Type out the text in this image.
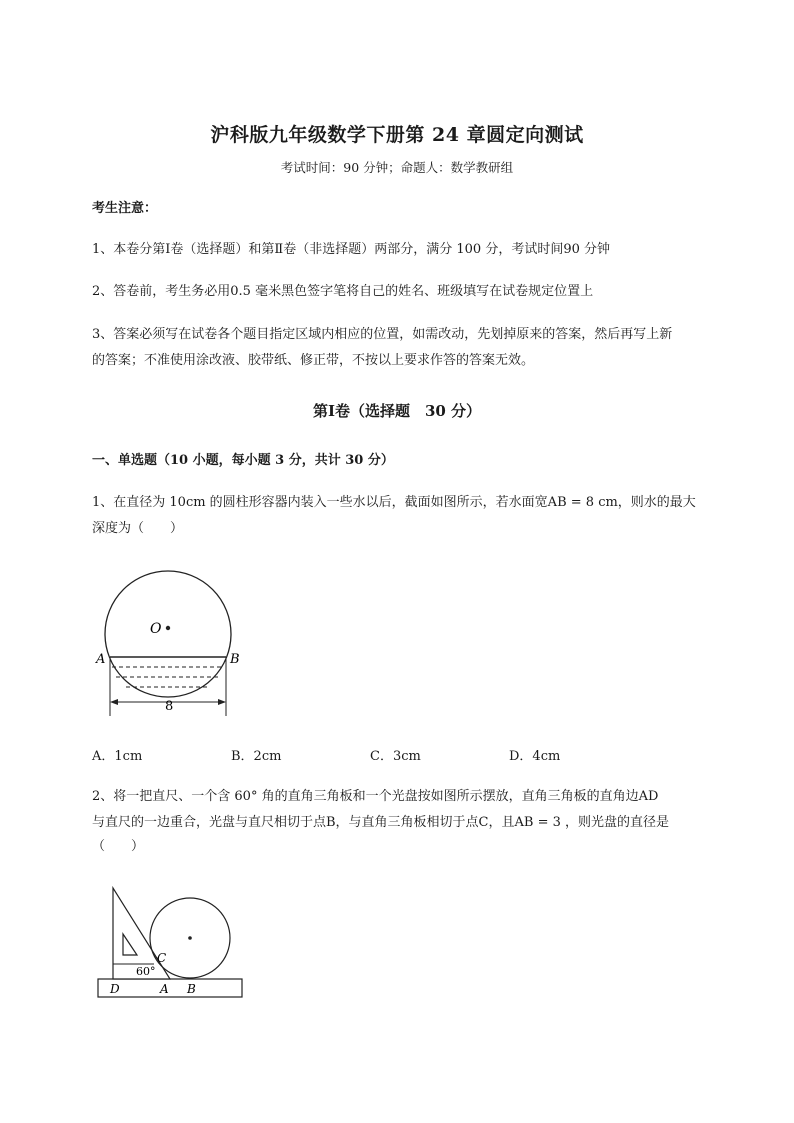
沪科版九年级数学下册第 24 章圆定向测试
考试时间：90 分钟；命题人：数学教研组
考生注意：
1、本卷分第Ⅰ卷（选择题）和第Ⅱ卷（非选择题）两部分，满分 100 分，考试时间90 分钟
2、答卷前，考生务必用0.5 毫米黑色签字笔将自己的姓名、班级填写在试卷规定位置上
3、答案必须写在试卷各个题目指定区域内相应的位置，如需改动，先划掉原来的答案，然后再写上新
的答案；不准使用涂改液、胶带纸、修正带，不按以上要求作答的答案无效。
第Ⅰ卷（选择题　30 分）
一、单选题（10 小题，每小题 3 分，共计 30 分）
1、在直径为 10cm 的圆柱形容器内装入一些水以后，截面如图所示，若水面宽AB = 8 cm，则水的最大
深度为（　　）
O
A	B
8
A．1cm	B．2cm	C．3cm	D．4cm
2、将一把直尺、一个含 60° 角的直角三角板和一个光盘按如图所示摆放，直角三角板的直角边AD
与直尺的一边重合，光盘与直尺相切于点B，与直角三角板相切于点C，且AB = 3 ，则光盘的直径是
（　　）
D	A B
C
60°
